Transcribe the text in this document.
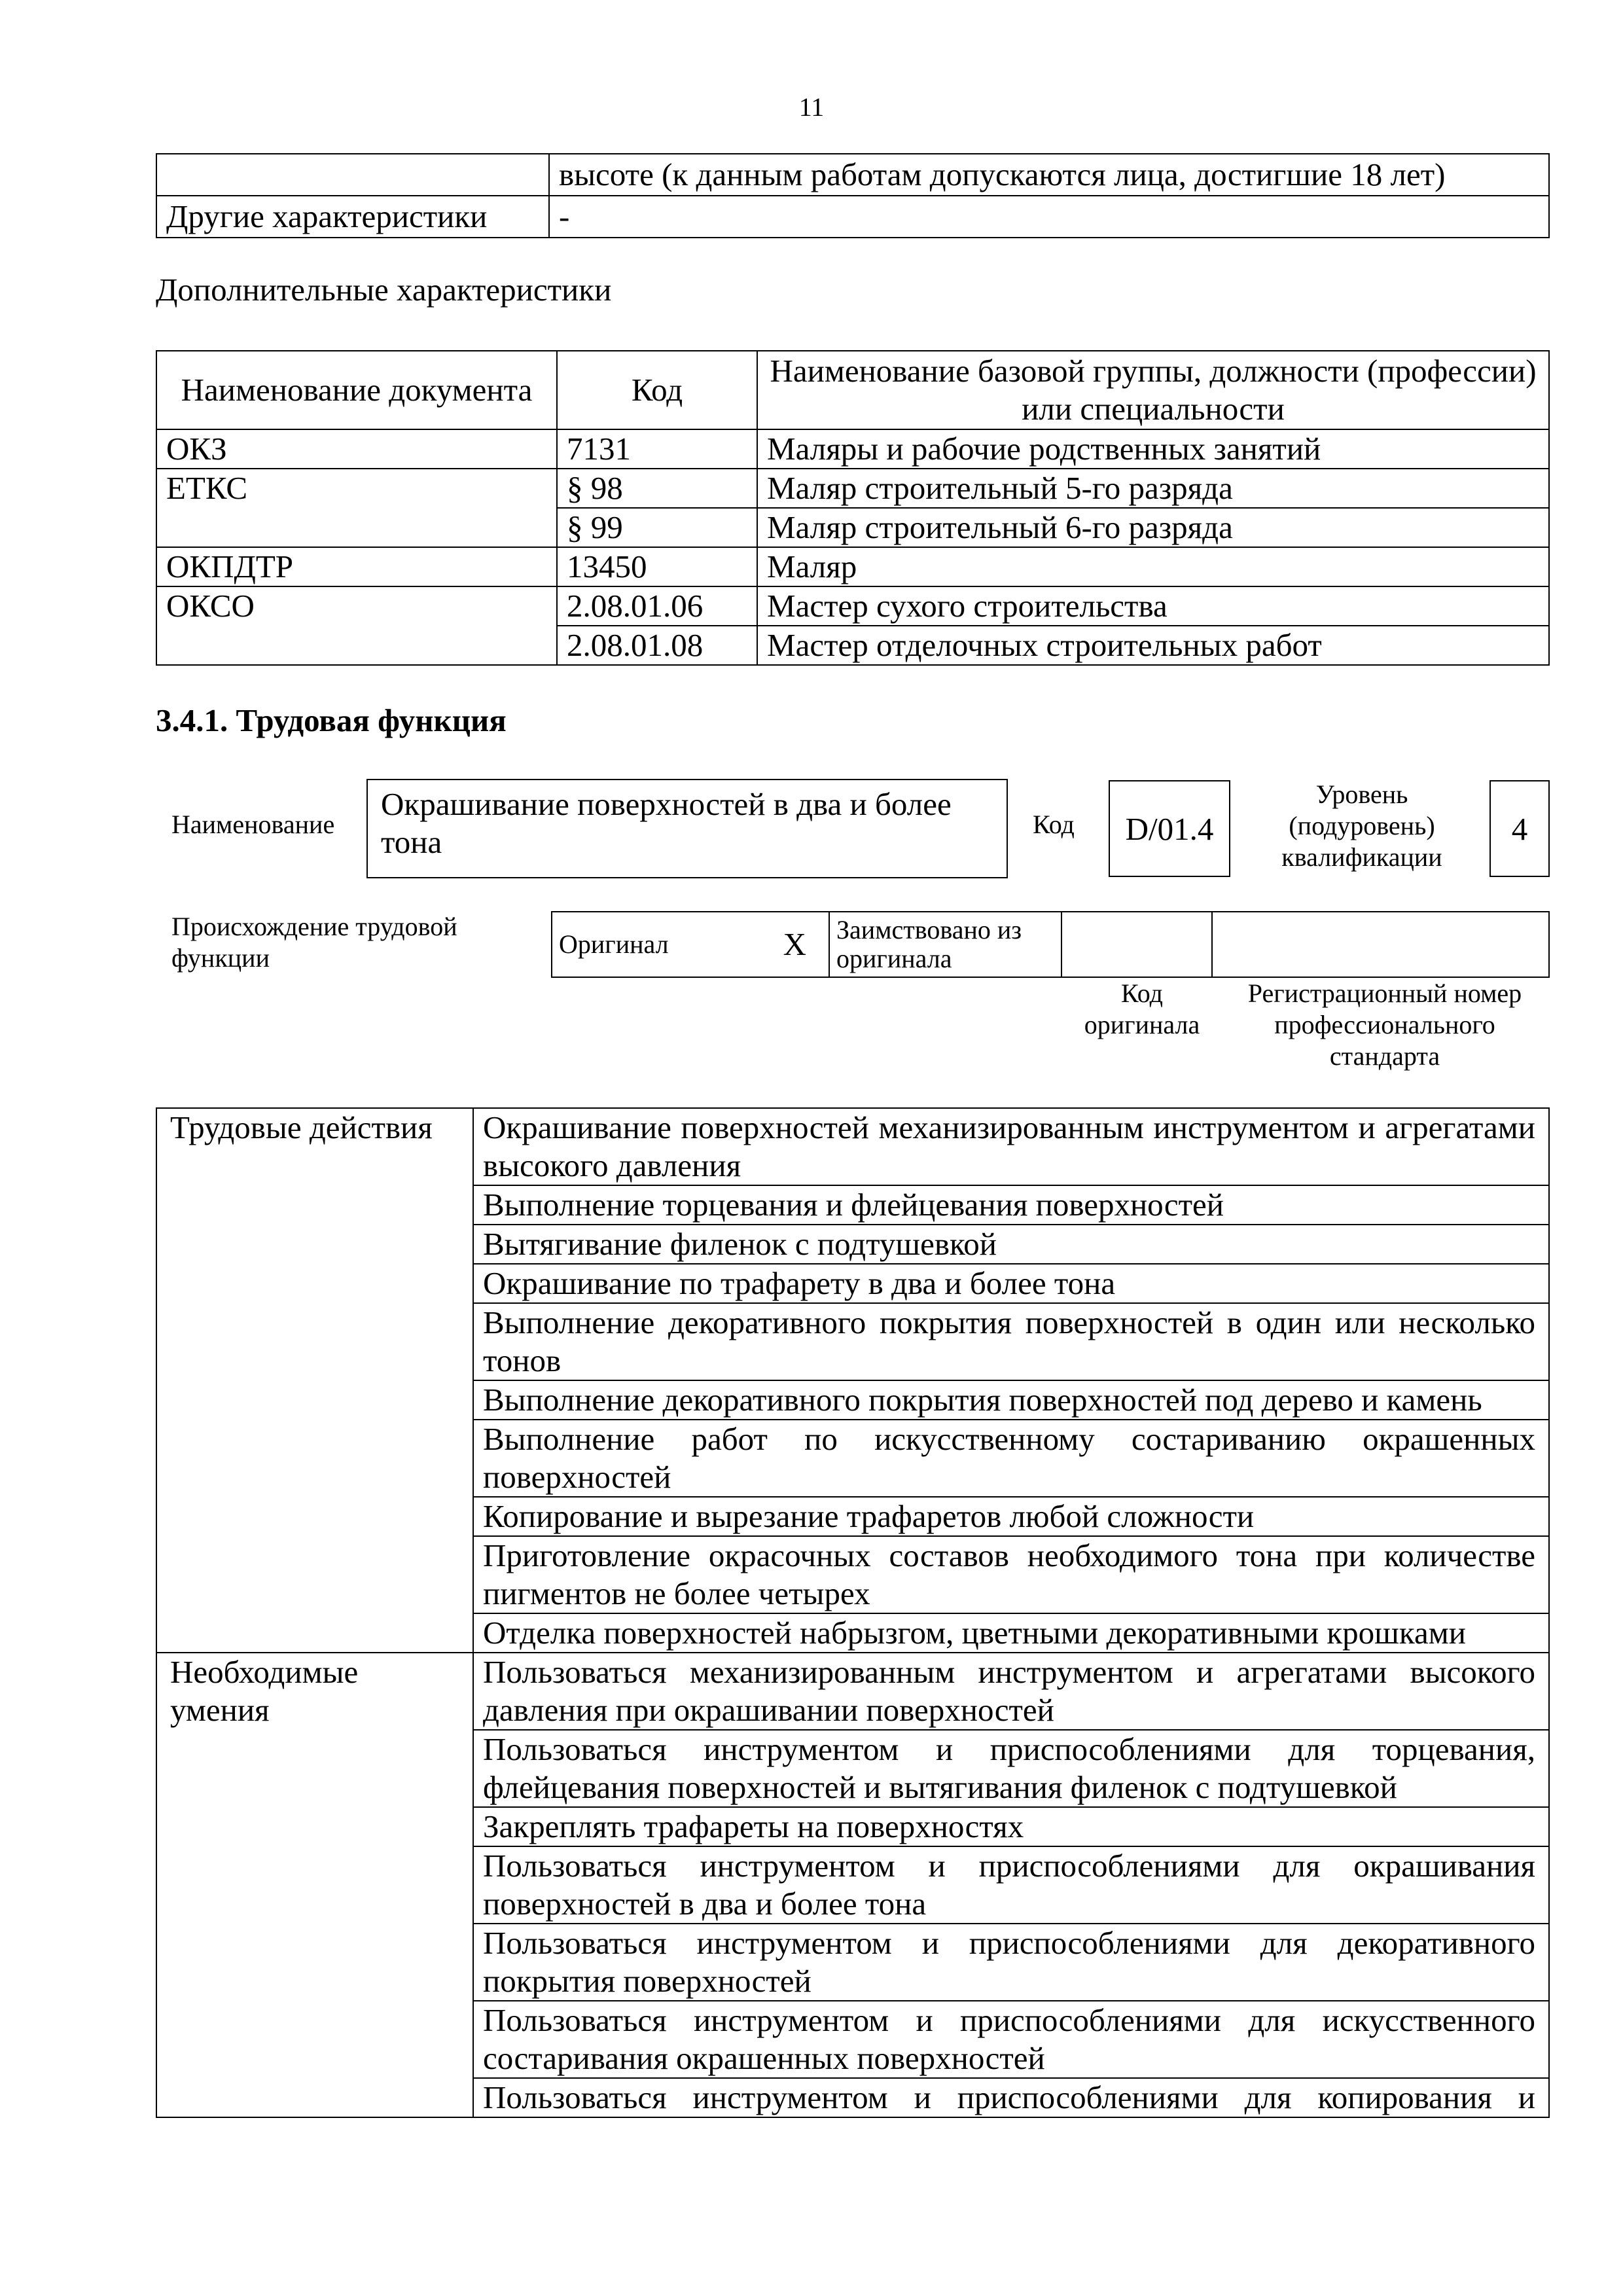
11
	высоте (к данным работам допускаются лица, достигшие 18 лет)
Другие характеристики	-
Дополнительные характеристики
Наименование документа	Код	Наименование базовой группы, должности (профессии) или специальности
ОКЗ	7131	Маляры и рабочие родственных занятий
ЕТКС	§ 98	Маляр строительный 5-го разряда
	§ 99	Маляр строительный 6-го разряда
ОКПДТР	13450	Маляр
ОКСО	2.08.01.06	Мастер сухого строительства
	2.08.01.08	Мастер отделочных строительных работ
3.4.1. Трудовая функция
Наименование
Окрашивание поверхностей в два и более тона	Код D/01.4
Уровень (подуровень) квалификации
4
Происхождение трудовой функции	Оригинал	X	Заимствовано из оригинала		
Код оригинала
Регистрационный номер профессионального стандарта
Трудовые действия	Окрашивание поверхностей механизированным инструментом и агрегатами высокого давления
	Выполнение торцевания и флейцевания поверхностей
	Вытягивание филенок с подтушевкой
	Окрашивание по трафарету в два и более тона
	Выполнение декоративного покрытия поверхностей в один или несколько тонов
	Выполнение декоративного покрытия поверхностей под дерево и камень
	Выполнение работ по искусственному состариванию окрашенных поверхностей
	Копирование и вырезание трафаретов любой сложности
	Приготовление окрасочных составов необходимого тона при количестве пигментов не более четырех
	Отделка поверхностей набрызгом, цветными декоративными крошками

Необходимые умения	Пользоваться механизированным инструментом и агрегатами высокого давления при окрашивании поверхностей
	Пользоваться инструментом и приспособлениями для торцевания, флейцевания поверхностей и вытягивания филенок с подтушевкой
	Закреплять трафареты на поверхностях
	Пользоваться инструментом и приспособлениями для окрашивания поверхностей в два и более тона
	Пользоваться инструментом и приспособлениями для декоративного покрытия поверхностей
	Пользоваться инструментом и приспособлениями для искусственного состаривания окрашенных поверхностей
	Пользоваться инструментом и приспособлениями для копирования и
